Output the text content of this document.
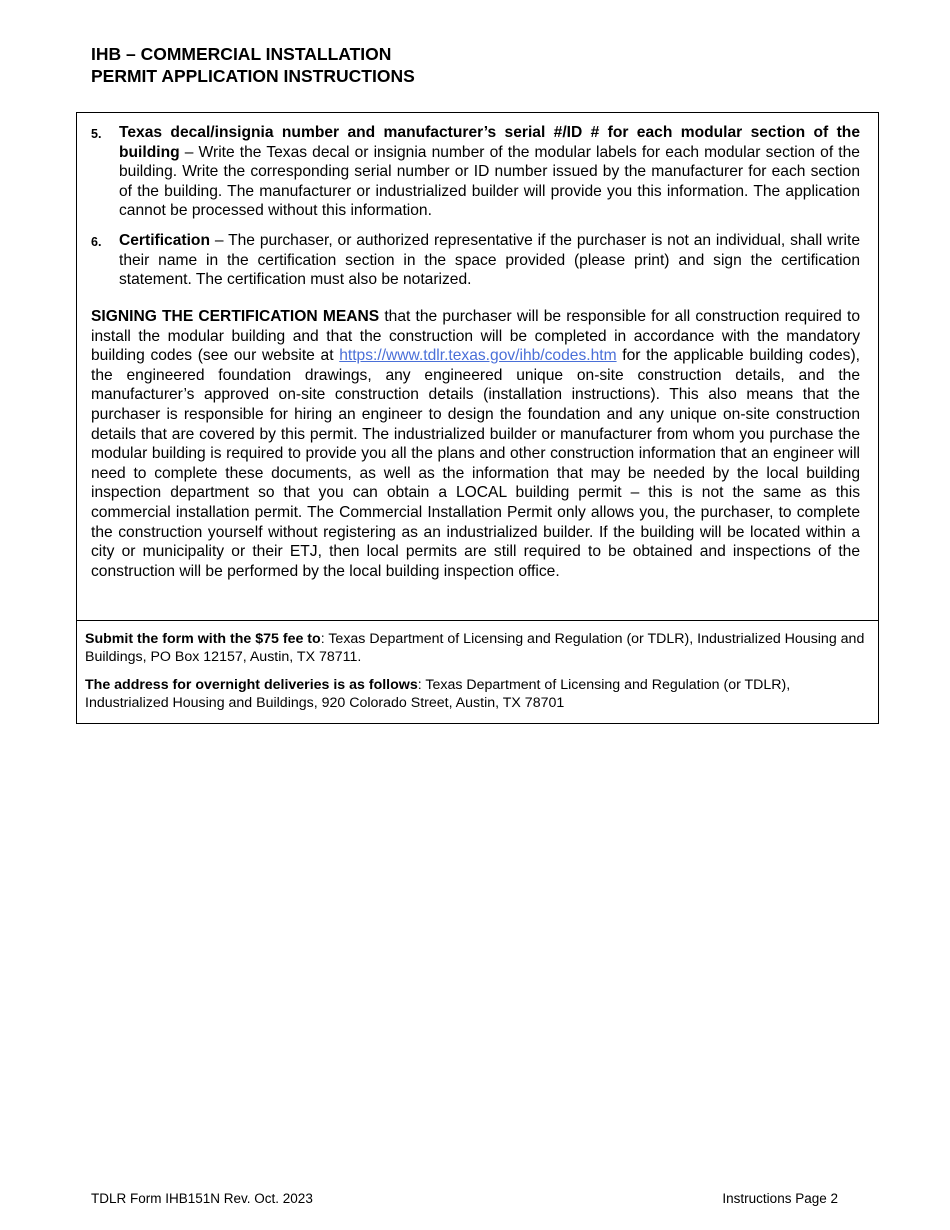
IHB – COMMERCIAL INSTALLATION
PERMIT APPLICATION INSTRUCTIONS
5. Texas decal/insignia number and manufacturer’s serial #/ID # for each modular section of the building – Write the Texas decal or insignia number of the modular labels for each modular section of the building. Write the corresponding serial number or ID number issued by the manufacturer for each section of the building. The manufacturer or industrialized builder will provide you this information. The application cannot be processed without this information.
6. Certification – The purchaser, or authorized representative if the purchaser is not an individual, shall write their name in the certification section in the space provided (please print) and sign the certification statement. The certification must also be notarized.
SIGNING THE CERTIFICATION MEANS that the purchaser will be responsible for all construction required to install the modular building and that the construction will be completed in accordance with the mandatory building codes (see our website at https://www.tdlr.texas.gov/ihb/codes.htm for the applicable building codes), the engineered foundation drawings, any engineered unique on-site construction details, and the manufacturer’s approved on-site construction details (installation instructions). This also means that the purchaser is responsible for hiring an engineer to design the foundation and any unique on-site construction details that are covered by this permit. The industrialized builder or manufacturer from whom you purchase the modular building is required to provide you all the plans and other construction information that an engineer will need to complete these documents, as well as the information that may be needed by the local building inspection department so that you can obtain a LOCAL building permit – this is not the same as this commercial installation permit. The Commercial Installation Permit only allows you, the purchaser, to complete the construction yourself without registering as an industrialized builder. If the building will be located within a city or municipality or their ETJ, then local permits are still required to be obtained and inspections of the construction will be performed by the local building inspection office.

Submit the form with the $75 fee to: Texas Department of Licensing and Regulation (or TDLR), Industrialized Housing and Buildings, PO Box 12157, Austin, TX 78711.

The address for overnight deliveries is as follows: Texas Department of Licensing and Regulation (or TDLR), Industrialized Housing and Buildings, 920 Colorado Street, Austin, TX 78701

TDLR Form IHB151N Rev. Oct. 2023	Instructions Page 2
